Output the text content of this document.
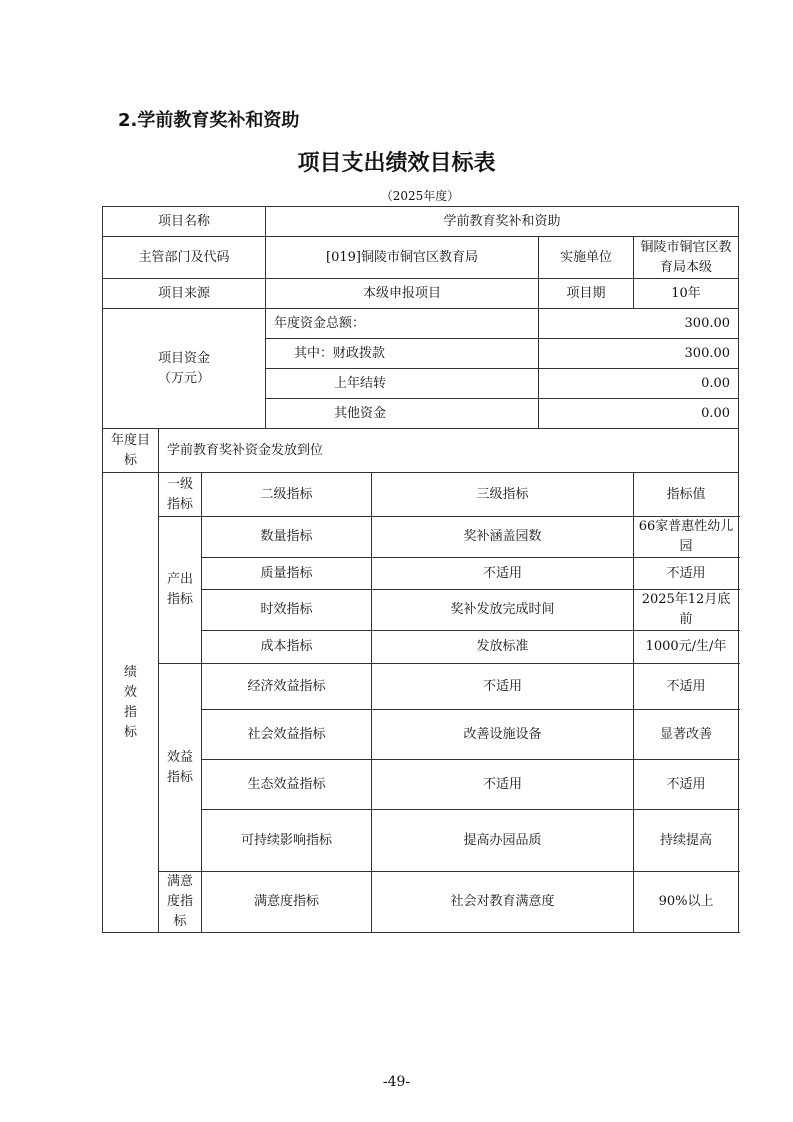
2.学前教育奖补和资助
项目支出绩效目标表
（2025年度）
项目名称			学前教育奖补和资助			
主管部门及代码			[019]铜陵市铜官区教育局		实施单位	铜陵市铜官区教育局本级
项目来源			本级申报项目		项目期	10年

项目资金
（万元）			年度资金总额：		300.00	
			其中：财政拨款		300.00	
			上年结转		0.00	
			其他资金		0.00	
年度目标	学前教育奖补资金发放到位					
绩效指标	一级指标	二级指标		三级指标		指标值
	产出指标	数量指标		奖补涵盖园数		66家普惠性幼儿园
		质量指标		不适用		不适用
		时效指标		奖补发放完成时间		2025年12月底前
		成本指标		发放标准		1000元/生/年
	效益指标	经济效益指标		不适用		不适用
		社会效益指标		改善设施设备		显著改善
		生态效益指标		不适用		不适用
		可持续影响指标		提高办园品质		持续提高
	满意度指标	满意度指标		社会对教育满意度		90%以上
-49-
